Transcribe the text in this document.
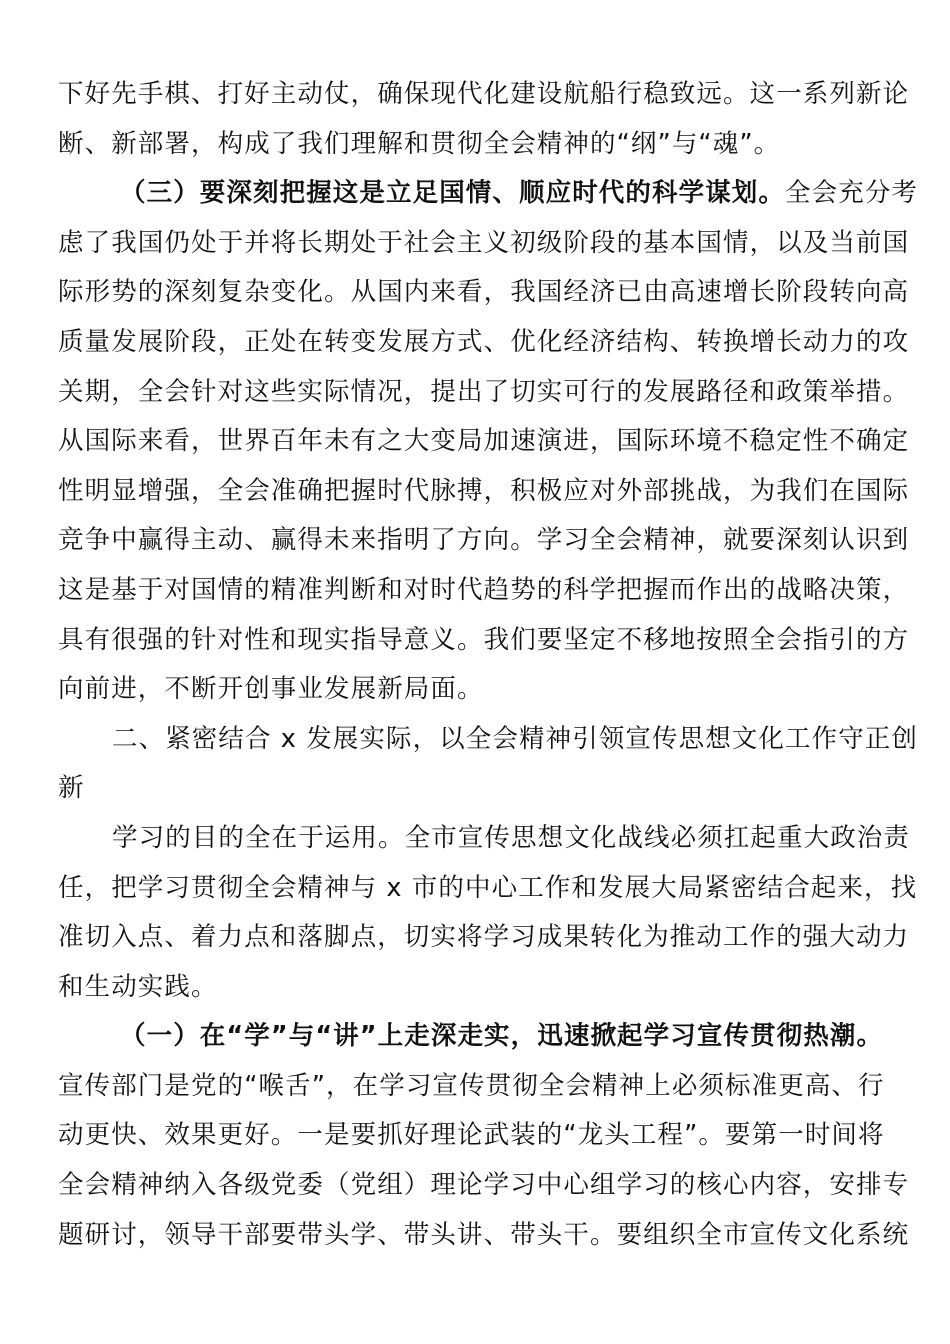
下好先手棋、打好主动仗，确保现代化建设航船行稳致远。这一系列新论
断、新部署，构成了我们理解和贯彻全会精神的“纲”与“魂”。
（三）要深刻把握这是立足国情、顺应时代的科学谋划。全会充分考
虑了我国仍处于并将长期处于社会主义初级阶段的基本国情，以及当前国
际形势的深刻复杂变化。从国内来看，我国经济已由高速增长阶段转向高
质量发展阶段，正处在转变发展方式、优化经济结构、转换增长动力的攻
关期，全会针对这些实际情况，提出了切实可行的发展路径和政策举措。
从国际来看，世界百年未有之大变局加速演进，国际环境不稳定性不确定
性明显增强，全会准确把握时代脉搏，积极应对外部挑战，为我们在国际
竞争中赢得主动、赢得未来指明了方向。学习全会精神，就要深刻认识到
这是基于对国情的精准判断和对时代趋势的科学把握而作出的战略决策，
具有很强的针对性和现实指导意义。我们要坚定不移地按照全会指引的方
向前进，不断开创事业发展新局面。
二、紧密结合 x 发展实际，以全会精神引领宣传思想文化工作守正创
新
学习的目的全在于运用。全市宣传思想文化战线必须扛起重大政治责
任，把学习贯彻全会精神与 x 市的中心工作和发展大局紧密结合起来，找
准切入点、着力点和落脚点，切实将学习成果转化为推动工作的强大动力
和生动实践。
（一）在“学”与“讲”上走深走实，迅速掀起学习宣传贯彻热潮。
宣传部门是党的“喉舌”，在学习宣传贯彻全会精神上必须标准更高、行
动更快、效果更好。一是要抓好理论武装的“龙头工程”。要第一时间将
全会精神纳入各级党委（党组）理论学习中心组学习的核心内容，安排专
题研讨，领导干部要带头学、带头讲、带头干。要组织全市宣传文化系统
